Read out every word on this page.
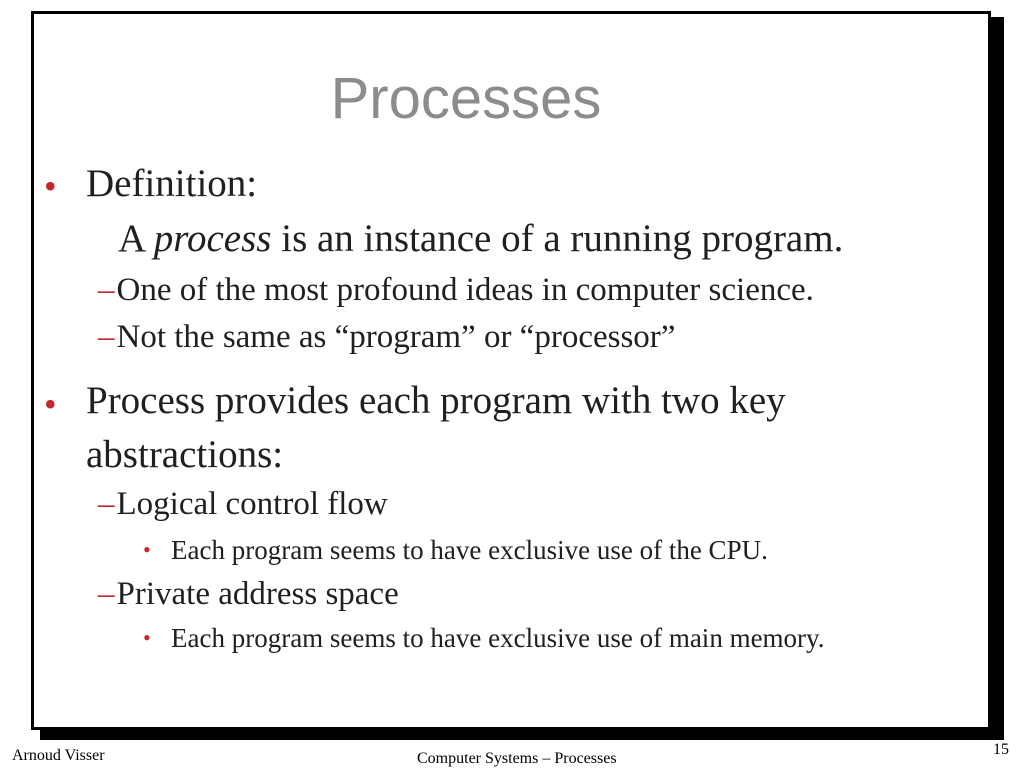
Processes
• Definition:
A process is an instance of a running program.
–One of the most profound ideas in computer science.
–Not the same as “program” or “processor”
• Process provides each program with two key
abstractions:
–Logical control flow
• Each program seems to have exclusive use of the CPU.
–Private address space
• Each program seems to have exclusive use of main memory.
Arnoud Visser	Computer Systems – Processes
15
